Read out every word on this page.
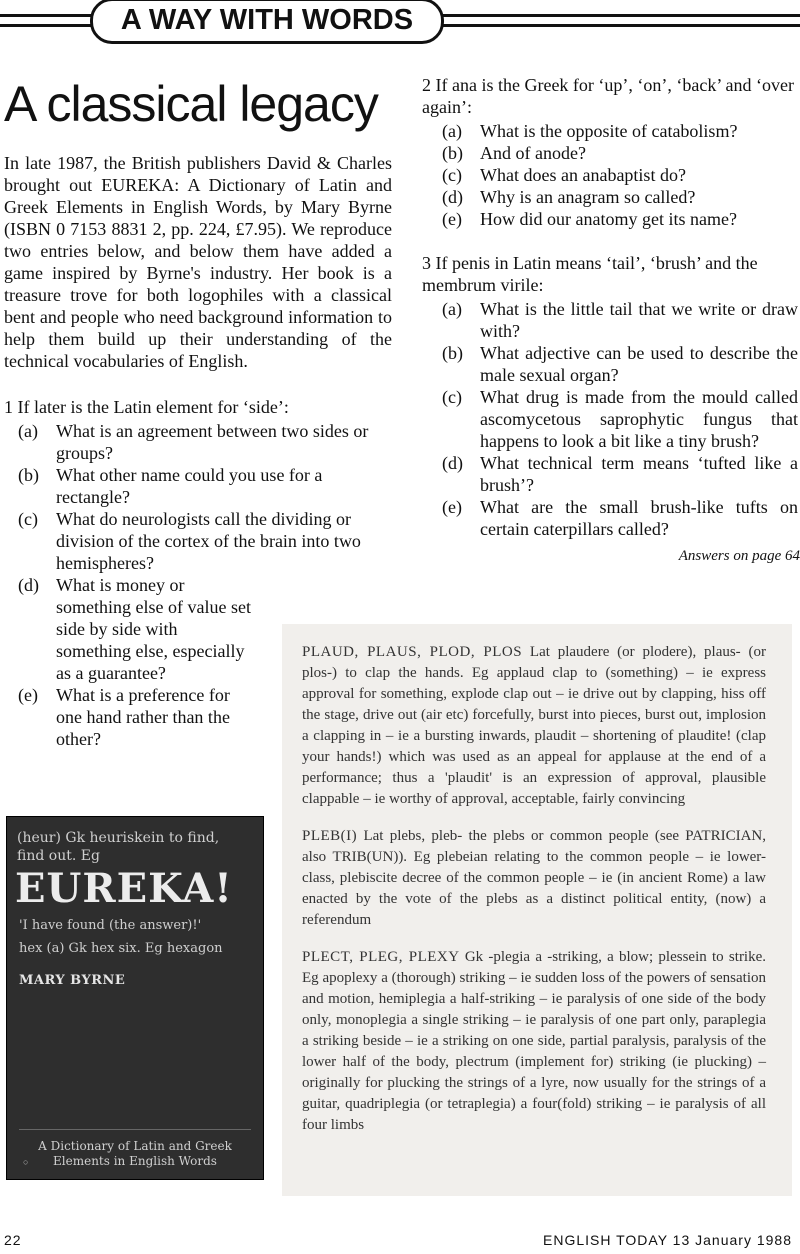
A WAY WITH WORDS
A classical legacy

In late 1987, the British publishers David & Charles brought out EUREKA: A Dictionary of Latin and Greek Elements in English Words, by Mary Byrne (ISBN 0 7153 8831 2, pp. 224, £7.95). We reproduce two entries below, and below them have added a game inspired by Byrne's industry. Her book is a treasure trove for both logophiles with a classical bent and people who need background information to help them build up their understanding of the technical vocabularies of English.

1 If later is the Latin element for ‘side’:

(a)	What is an agreement between two sides or groups?
(b) What other name could you use for a rectangle?
(c)	What do neurologists call the dividing or division of the cortex of the brain into two hemispheres?
(d) What is money or something else of value set side by side with something else, especially as a guarantee?
(e)	What is a preference for one hand rather than the other?

2 If ana is the Greek for ‘up’, ‘on’, ‘back’ and ‘over again’:

(a)	What is the opposite of catabolism?
(b) And of anode?
(c)	What does an anabaptist do?
(d) Why is an anagram so called?
(e)	How did our anatomy get its name?

3 If penis in Latin means ‘tail’, ‘brush’ and the membrum virile:

(a)	What is the little tail that we write or draw with?
(b) What adjective can be used to describe the male sexual organ?
(c)	What drug is made from the mould called ascomycetous saprophytic fungus that happens to look a bit like a tiny brush?
(d) What technical term means ‘tufted like a brush’?
(e)	What are the small brush-like tufts on certain caterpillars called?
Answers on page 64
(heur) Gk heuriskein to find, find out. Eg
EUREKA!
'I have found (the answer)!'
hex (a) Gk hex six. Eg hexagon
MARY BYRNE
A Dictionary of Latin and Greek Elements in English Words
○
PLAUD, PLAUS, PLOD, PLOS Lat plaudere (or plodere), plaus- (or plos-) to clap the hands. Eg applaud clap to (something) – ie express approval for something, explode clap out – ie drive out by clapping, hiss off the stage, drive out (air etc) forcefully, burst into pieces, burst out, implosion a clapping in – ie a bursting inwards, plaudit – shortening of plaudite! (clap your hands!) which was used as an appeal for applause at the end of a performance; thus a 'plaudit' is an expression of approval, plausible clappable – ie worthy of approval, acceptable, fairly convincing
PLEB(I) Lat plebs, pleb- the plebs or common people (see PATRICIAN, also TRIB(UN)). Eg plebeian relating to the common people – ie lower-class, plebiscite decree of the common people – ie (in ancient Rome) a law enacted by the vote of the plebs as a distinct political entity, (now) a referendum
PLECT, PLEG, PLEXY Gk -plegia a -striking, a blow; plessein to strike. Eg apoplexy a (thorough) striking – ie sudden loss of the powers of sensation and motion, hemiplegia a half-striking – ie paralysis of one side of the body only, monoplegia a single striking – ie paralysis of one part only, paraplegia a striking beside – ie a striking on one side, partial paralysis, paralysis of the lower half of the body, plectrum (implement for) striking (ie plucking) – originally for plucking the strings of a lyre, now usually for the strings of a guitar, quadriplegia (or tetraplegia) a four(fold) striking – ie paralysis of all four limbs
22	ENGLISH TODAY 13 January 1988
